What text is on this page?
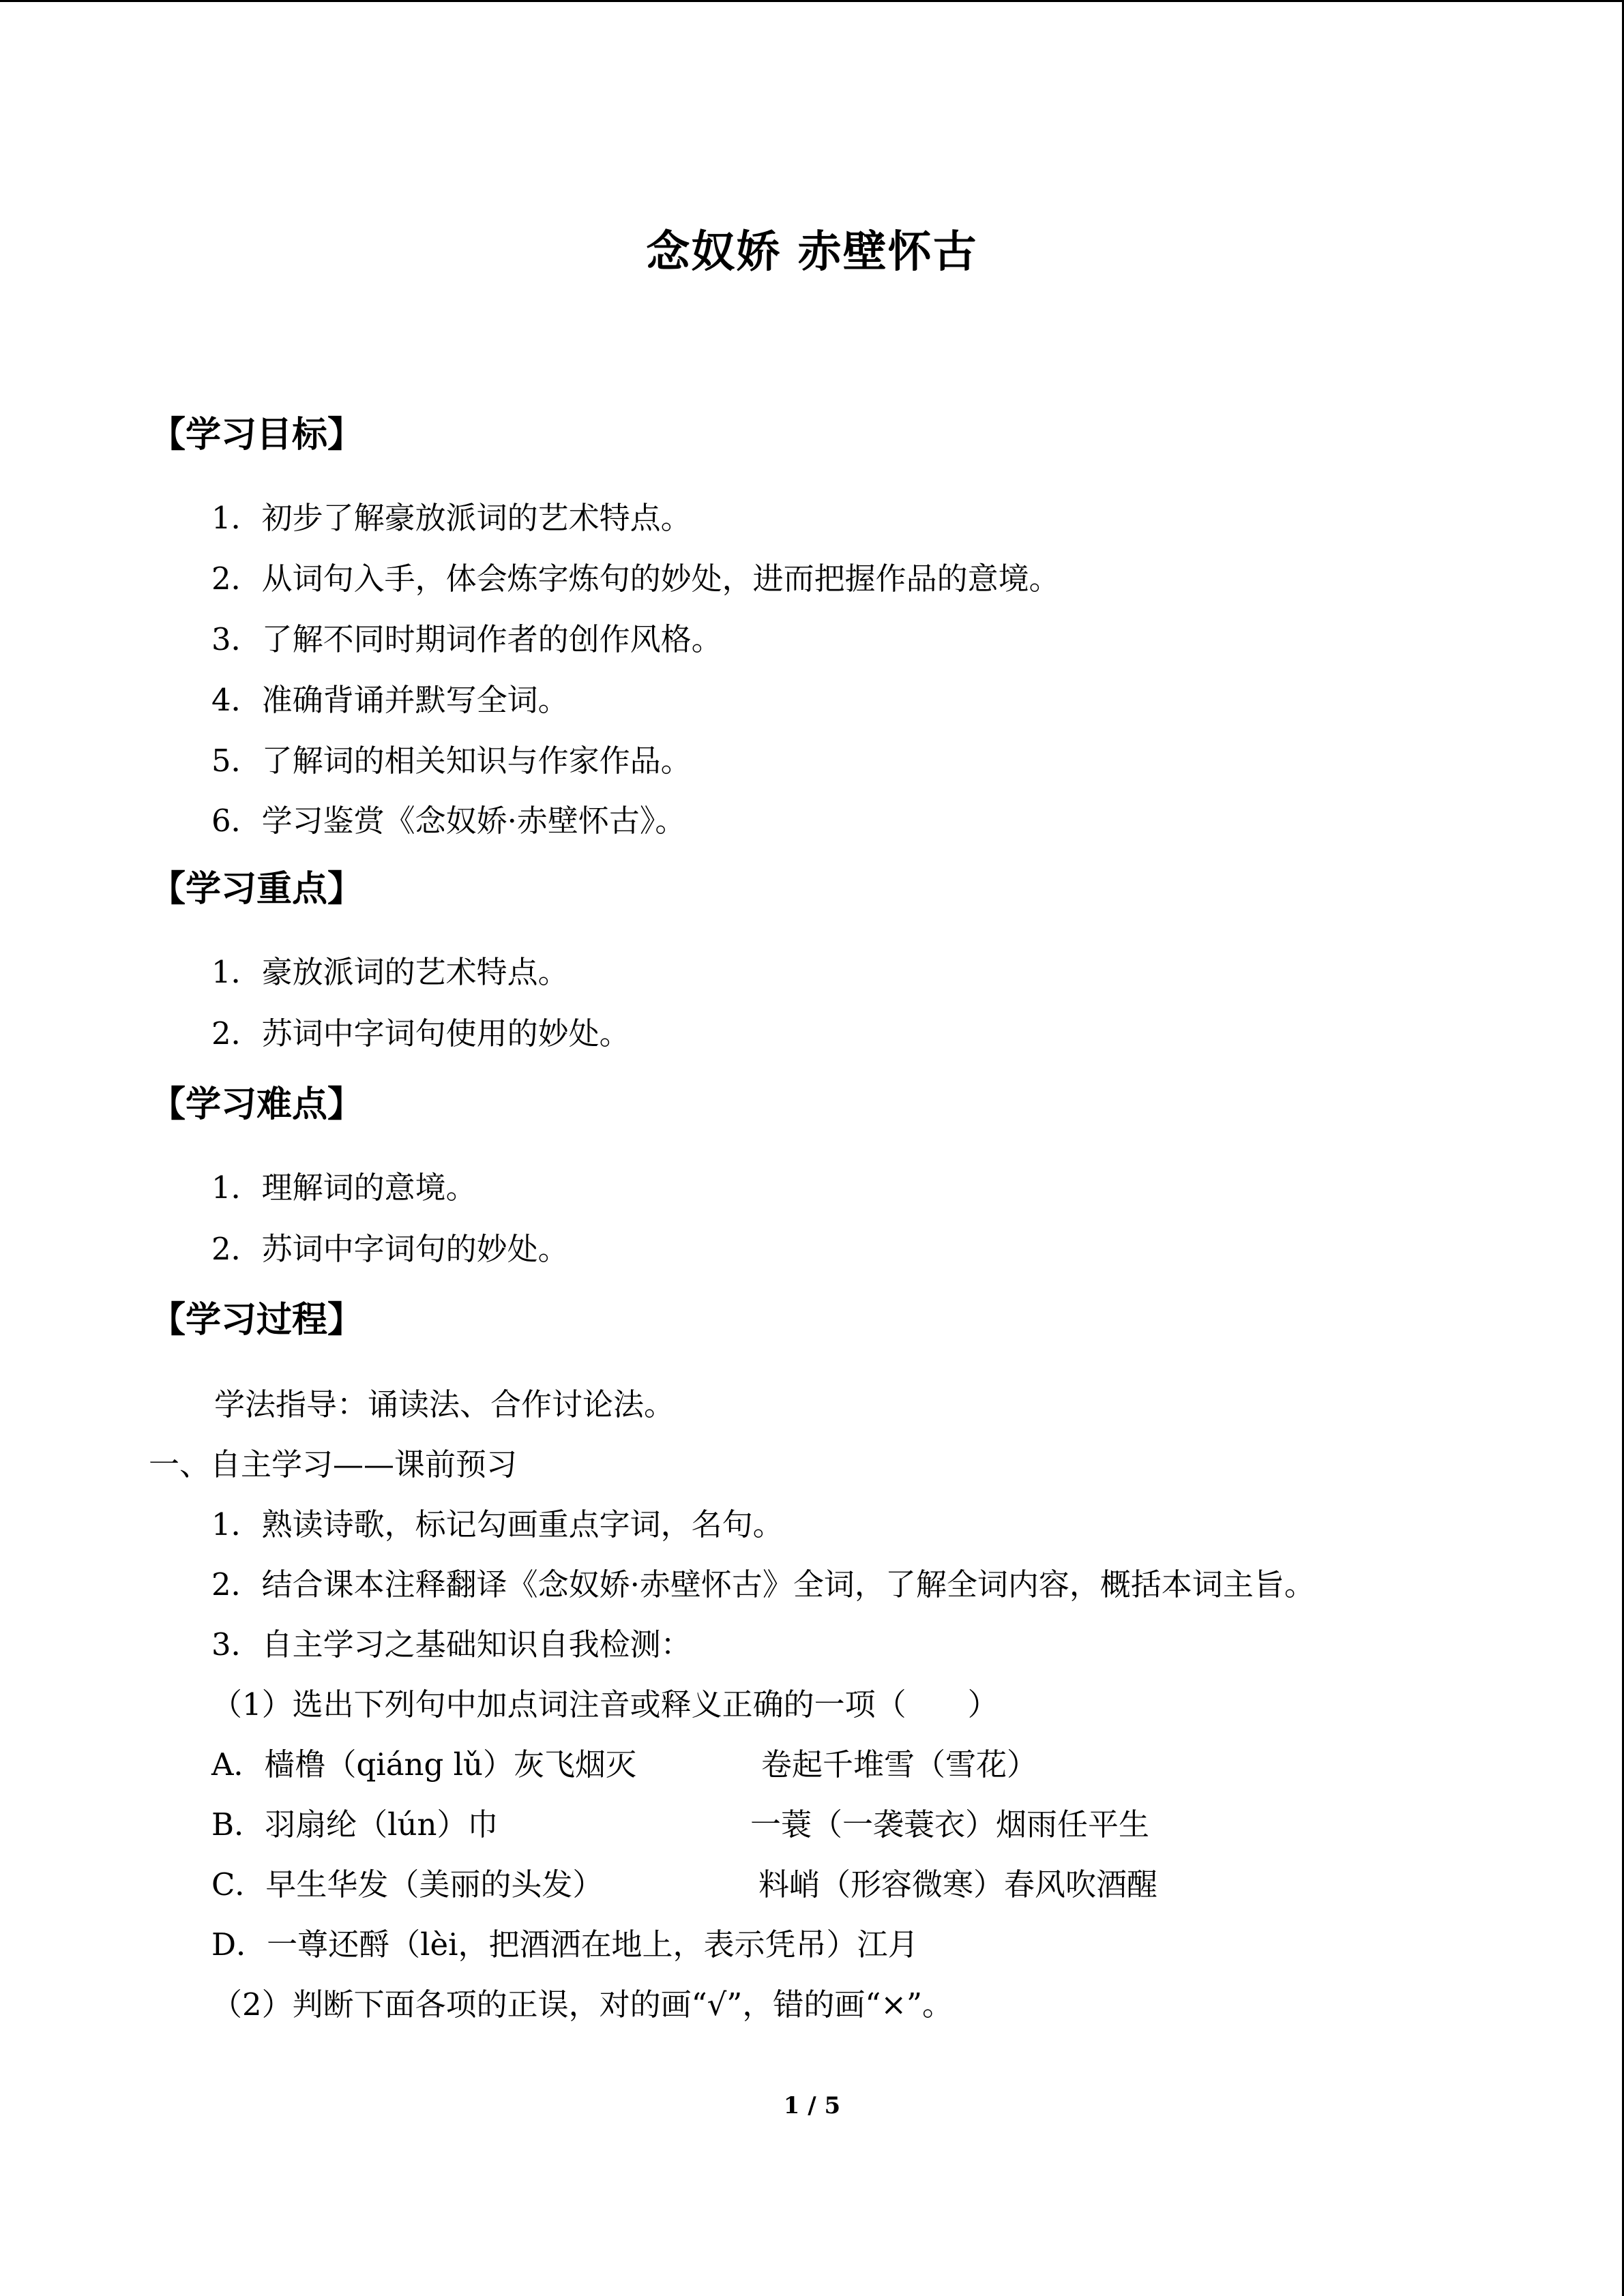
念奴娇 赤壁怀古
【学习目标】
1．初步了解豪放派词的艺术特点。
2．从词句入手，体会炼字炼句的妙处，进而把握作品的意境。
3．了解不同时期词作者的创作风格。
4．准确背诵并默写全词。
5．了解词的相关知识与作家作品。
6．学习鉴赏《念奴娇·赤壁怀古》。
【学习重点】
1．豪放派词的艺术特点。
2．苏词中字词句使用的妙处。
【学习难点】
1．理解词的意境。
2．苏词中字词句的妙处。
【学习过程】
学法指导：诵读法、合作讨论法。
一、自主学习——课前预习
1．熟读诗歌，标记勾画重点字词，名句。
2．结合课本注释翻译《念奴娇·赤壁怀古》全词，了解全词内容，概括本词主旨。
3．自主学习之基础知识自我检测：
（1）选出下列句中加点词注音或释义正确的一项（　　）
A．樯橹（qiáng lǔ）灰飞烟灭	卷起千堆雪（雪花）
B．羽扇纶（lún）巾	一蓑（一袭蓑衣）烟雨任平生
C．早生华发（美丽的头发）	料峭（形容微寒）春风吹酒醒
D．一尊还酹（lèi，把酒洒在地上，表示凭吊）江月
（2）判断下面各项的正误，对的画“√”，错的画“×”。
1 / 5
